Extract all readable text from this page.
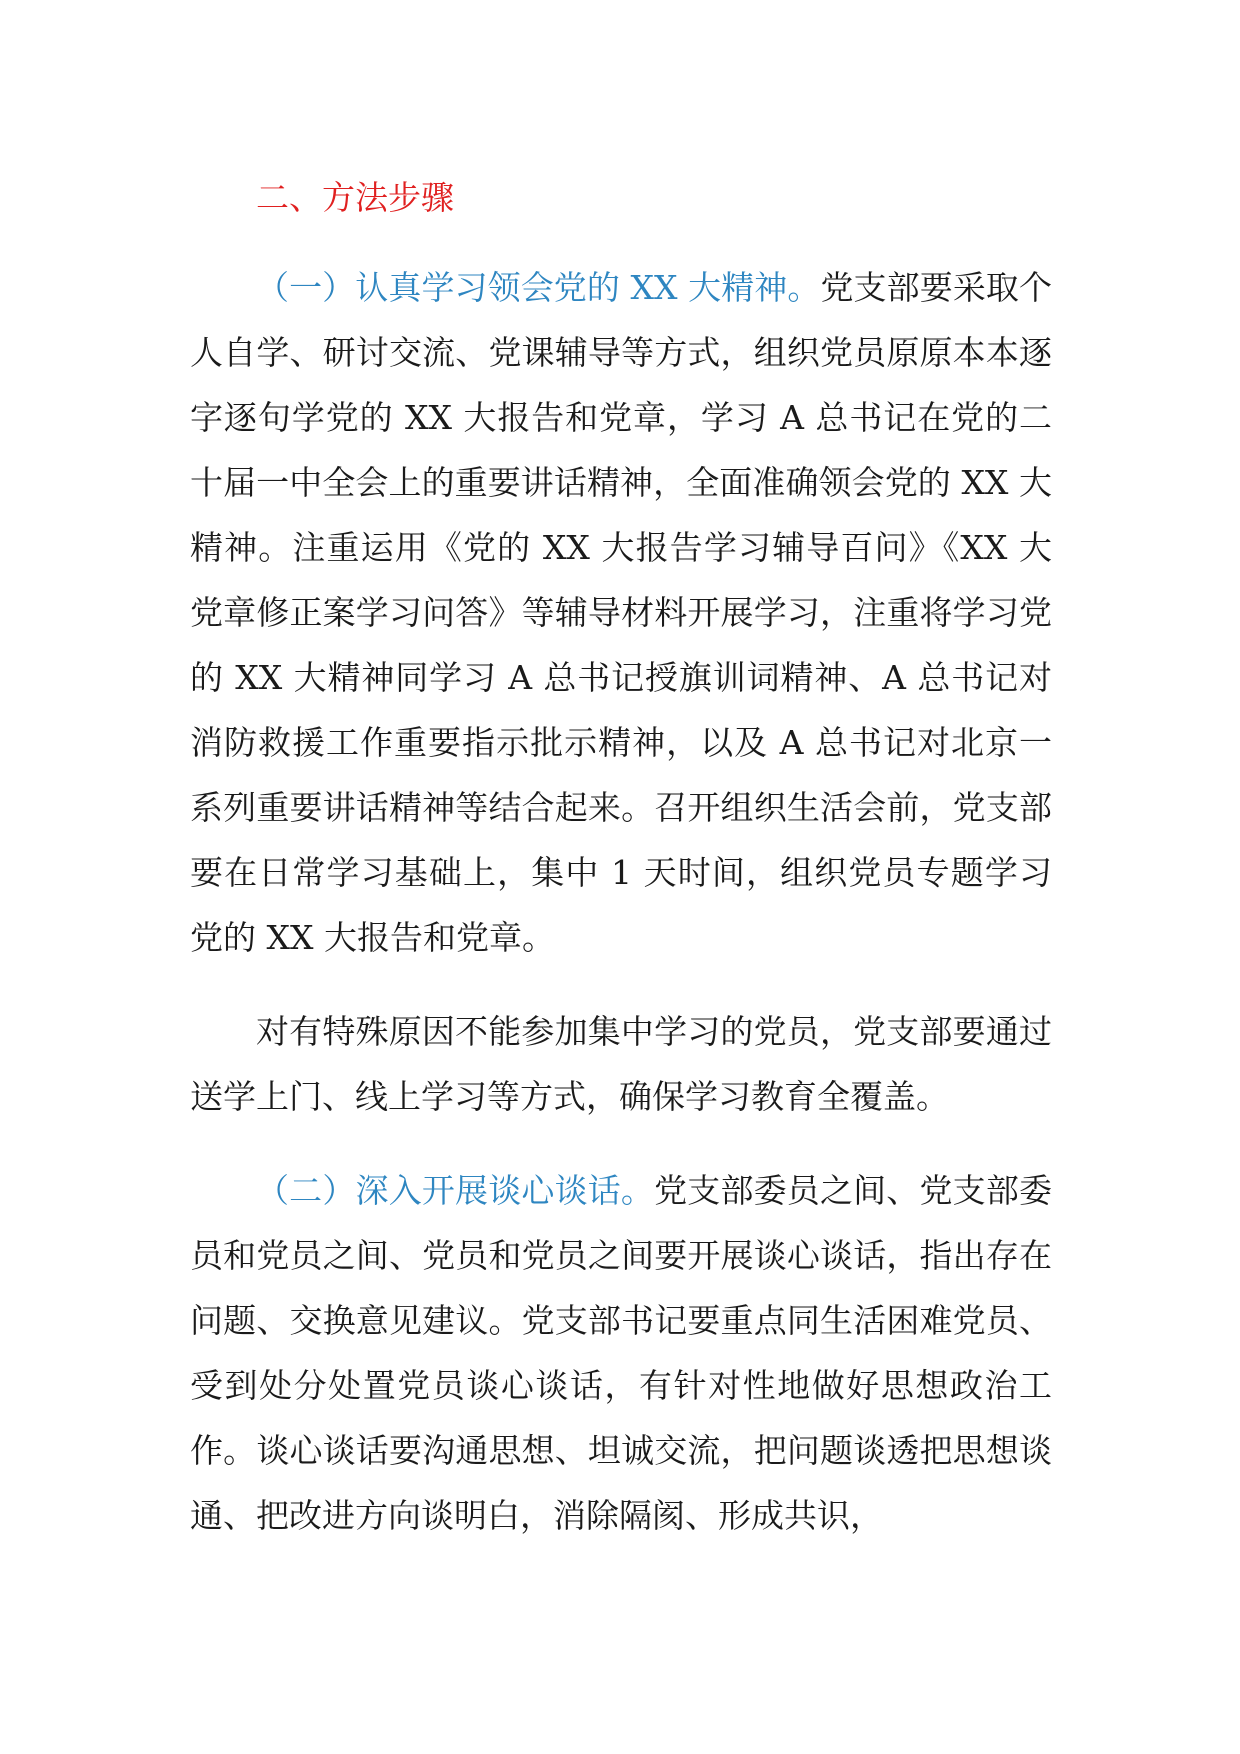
二、方法步骤

（一）认真学习领会党的 XX 大精神。党支部要采取个人自学、研讨交流、党课辅导等方式，组织党员原原本本逐字逐句学党的 XX 大报告和党章，学习 A 总书记在党的二十届一中全会上的重要讲话精神，全面准确领会党的 XX 大精神。注重运用《党的 XX 大报告学习辅导百问》《XX 大党章修正案学习问答》等辅导材料开展学习，注重将学习党的 XX 大精神同学习 A 总书记授旗训词精神、A 总书记对消防救援工作重要指示批示精神，以及 A 总书记对北京一系列重要讲话精神等结合起来。召开组织生活会前，党支部要在日常学习基础上，集中 1 天时间，组织党员专题学习党的 XX 大报告和党章。

对有特殊原因不能参加集中学习的党员，党支部要通过送学上门、线上学习等方式，确保学习教育全覆盖。

（二）深入开展谈心谈话。党支部委员之间、党支部委员和党员之间、党员和党员之间要开展谈心谈话，指出存在问题、交换意见建议。党支部书记要重点同生活困难党员、受到处分处置党员谈心谈话，有针对性地做好思想政治工作。谈心谈话要沟通思想、坦诚交流，把问题谈透把思想谈通、把改进方向谈明白，消除隔阂、形成共识，
